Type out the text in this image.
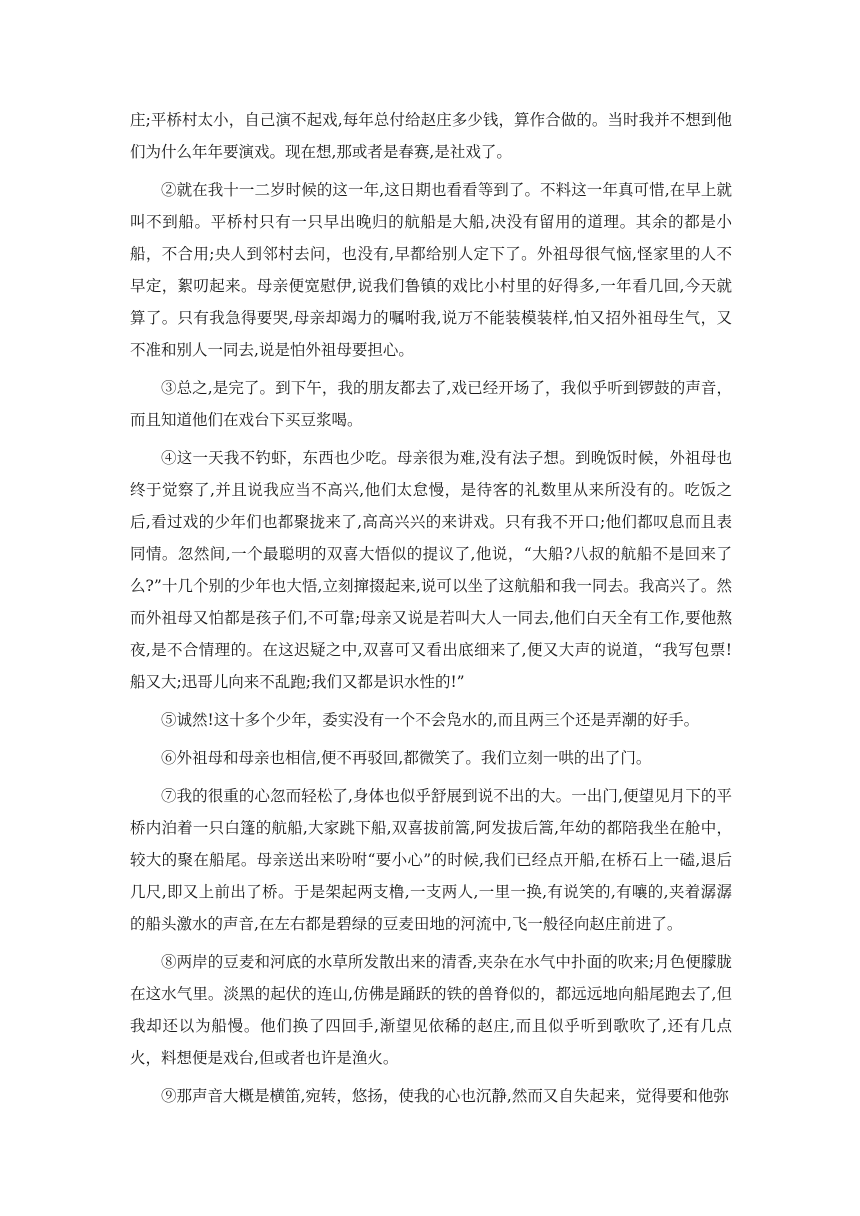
庄;平桥村太小，自己演不起戏,每年总付给赵庄多少钱，算作合做的。当时我并不想到他们为什么年年要演戏。现在想,那或者是春赛,是社戏了。

②就在我十一二岁时候的这一年,这日期也看看等到了。不料这一年真可惜,在早上就叫不到船。平桥村只有一只早出晚归的航船是大船,决没有留用的道理。其余的都是小船，不合用;央人到邻村去问，也没有,早都给别人定下了。外祖母很气恼,怪家里的人不早定，絮叨起来。母亲便宽慰伊,说我们鲁镇的戏比小村里的好得多,一年看几回,今天就算了。只有我急得要哭,母亲却竭力的嘱咐我,说万不能装模装样,怕又招外祖母生气，又不准和别人一同去,说是怕外祖母要担心。

③总之,是完了。到下午，我的朋友都去了,戏已经开场了，我似乎听到锣鼓的声音，而且知道他们在戏台下买豆浆喝。

④这一天我不钓虾，东西也少吃。母亲很为难,没有法子想。到晚饭时候，外祖母也终于觉察了,并且说我应当不高兴,他们太怠慢，是待客的礼数里从来所没有的。吃饭之后,看过戏的少年们也都聚拢来了,高高兴兴的来讲戏。只有我不开口;他们都叹息而且表同情。忽然间,一个最聪明的双喜大悟似的提议了,他说，“大船?八叔的航船不是回来了么?”十几个别的少年也大悟,立刻撺掇起来,说可以坐了这航船和我一同去。我高兴了。然而外祖母又怕都是孩子们,不可靠;母亲又说是若叫大人一同去,他们白天全有工作,要他熬夜,是不合情理的。在这迟疑之中,双喜可又看出底细来了,便又大声的说道，“我写包票!船又大;迅哥儿向来不乱跑;我们又都是识水性的!”

⑤诚然!这十多个少年，委实没有一个不会凫水的,而且两三个还是弄潮的好手。

⑥外祖母和母亲也相信,便不再驳回,都微笑了。我们立刻一哄的出了门。

⑦我的很重的心忽而轻松了,身体也似乎舒展到说不出的大。一出门,便望见月下的平桥内泊着一只白篷的航船,大家跳下船,双喜拔前篙,阿发拔后篙,年幼的都陪我坐在舱中，较大的聚在船尾。母亲送出来吩咐“要小心”的时候,我们已经点开船,在桥石上一磕,退后几尺,即又上前出了桥。于是架起两支橹,一支两人,一里一换,有说笑的,有嚷的,夹着潺潺的船头激水的声音,在左右都是碧绿的豆麦田地的河流中,飞一般径向赵庄前进了。

⑧两岸的豆麦和河底的水草所发散出来的清香,夹杂在水气中扑面的吹来;月色便朦胧在这水气里。淡黑的起伏的连山,仿佛是踊跃的铁的兽脊似的，都远远地向船尾跑去了,但我却还以为船慢。他们换了四回手,渐望见依稀的赵庄,而且似乎听到歌吹了,还有几点火，料想便是戏台,但或者也许是渔火。

⑨那声音大概是横笛,宛转，悠扬，使我的心也沉静,然而又自失起来，觉得要和他弥
